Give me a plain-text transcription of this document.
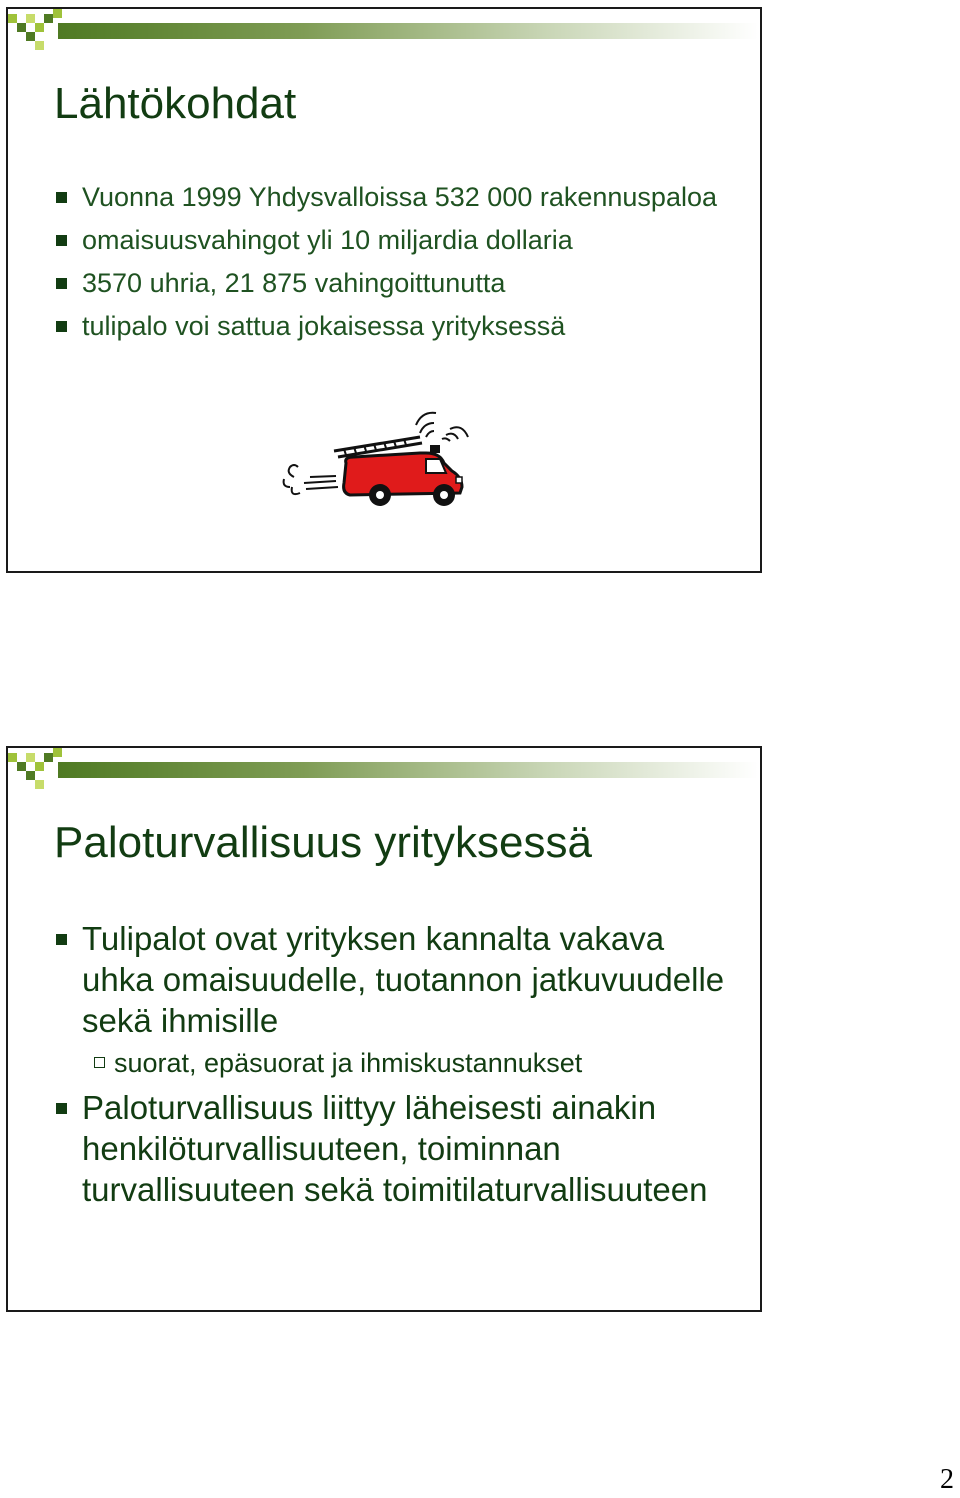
Lähtökohdat
Vuonna 1999 Yhdysvalloissa 532 000 rakennuspaloa
omaisuusvahingot yli 10 miljardia dollaria
3570 uhria, 21 875 vahingoittunutta
tulipalo voi sattua jokaisessa yrityksessä
Paloturvallisuus yrityksessä
Tulipalot ovat yrityksen kannalta vakava uhka omaisuudelle, tuotannon jatkuvuudelle sekä ihmisille
suorat, epäsuorat ja ihmiskustannukset
Paloturvallisuus liittyy läheisesti ainakin henkilöturvallisuuteen, toiminnan turvallisuuteen sekä toimitilaturvallisuuteen
2
